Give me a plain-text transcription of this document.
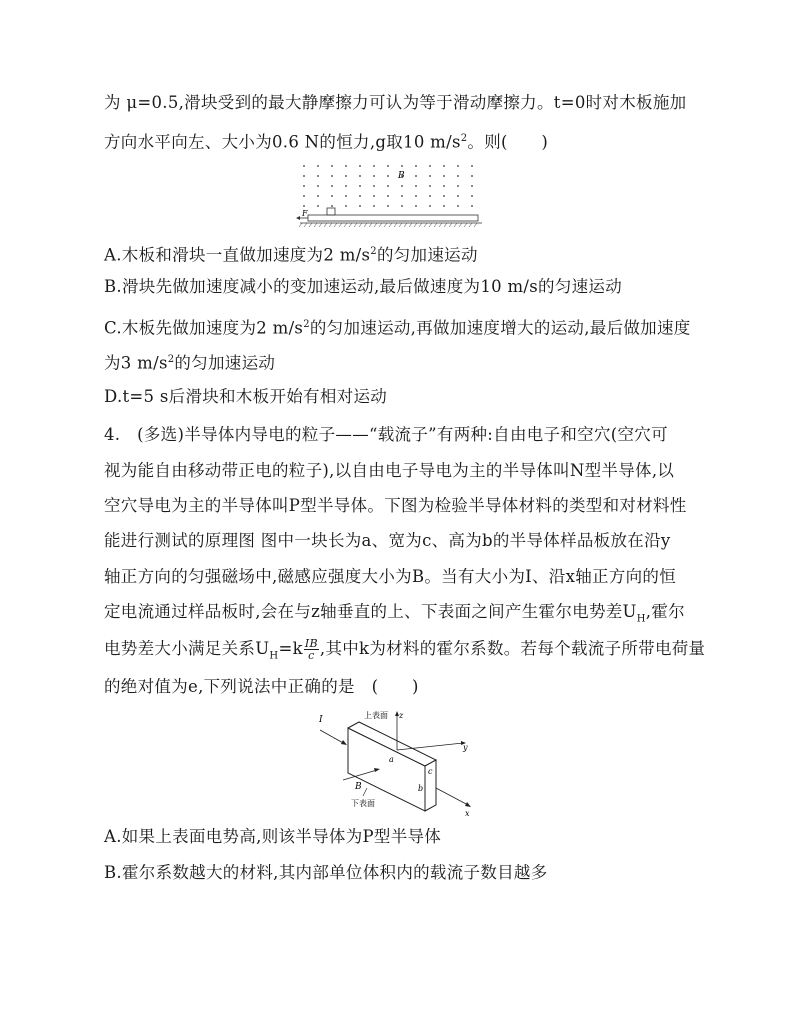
为 μ=0.5,滑块受到的最大静摩擦力可认为等于滑动摩擦力。t=0时对木板施加
方向水平向左、大小为0.6 N的恒力,g取10 $m/s^2$。则(　　)
B
F
A.木板和滑块一直做加速度为2 $m/s^2$的匀加速运动
B.滑块先做加速度减小的变加速运动,最后做速度为10 m/s的匀速运动
C.木板先做加速度为2 $m/s^2$的匀加速运动,再做加速度增大的运动,最后做加速度
为3 $m/s^2$的匀加速运动
D.t=5 s后滑块和木板开始有相对运动
4.　(多选)半导体内导电的粒子——“载流子”有两种:自由电子和空穴(空穴可
视为能自由移动带正电的粒子),以自由电子导电为主的半导体叫N型半导体,以
空穴导电为主的半导体叫P型半导体。下图为检验半导体材料的类型和对材料性
能进行测试的原理图 图中一块长为a、宽为c、高为b的半导体样品板放在沿y
轴正方向的匀强磁场中,磁感应强度大小为B。当有大小为I、沿x轴正方向的恒
定电流通过样品板时,会在与z轴垂直的上、下表面之间产生霍尔电势差$U_H$,霍尔
电势差大小满足关系$U_H=k \frac{IB}{c}$ ,其中k为材料的霍尔系数。若每个载流子所带电荷量
的绝对值为e,下列说法中正确的是　(　　)
I	z
上表面
y
x
B
下表面
a
b
c
A.如果上表面电势高,则该半导体为P型半导体
B.霍尔系数越大的材料,其内部单位体积内的载流子数目越多
